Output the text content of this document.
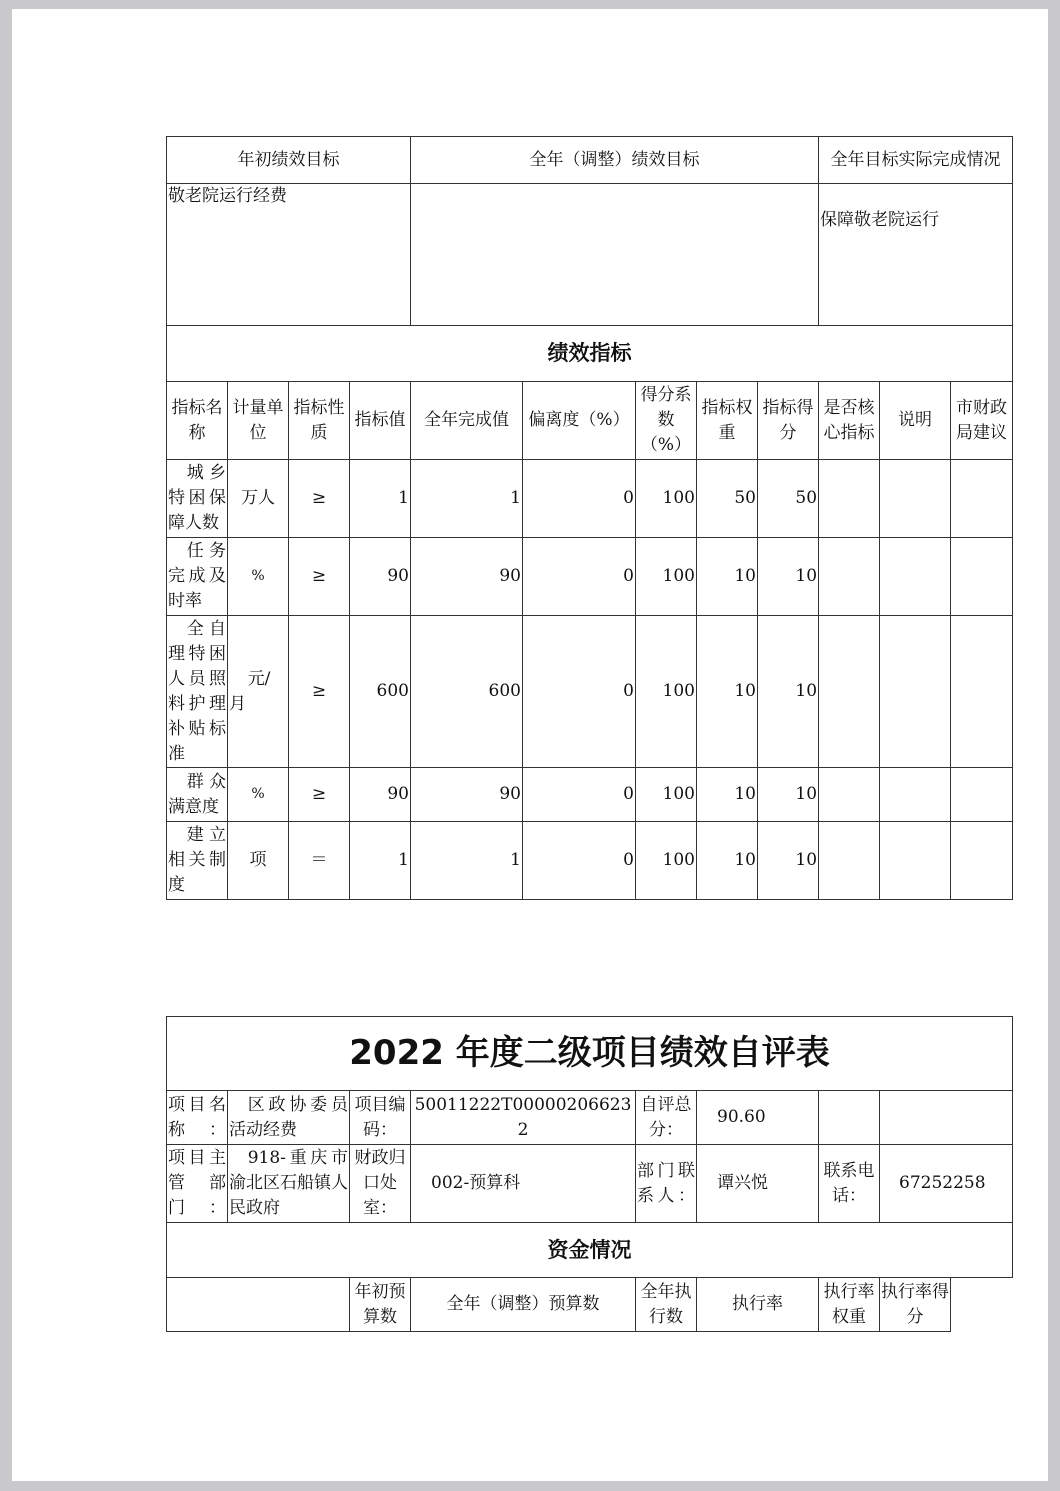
年初绩效目标				全年（调整）绩效目标					全年目标实际完成情况		
敬老院运行经费									保障敬老院运行		
绩效指标											
指标名称	计量单位	指标性质	指标值	全年完成值	偏离度（%）	得分系数（%）	指标权重	指标得分	是否核心指标	说明	市财政局建议
城乡特困保障人数	万人	≥	1	1	0	100	50	50			
任务完成及时率	%	≥	90	90	0	100	10	10			
全自理特困人员照料护理补贴标准	元/月	≥	600	600	0	100	10	10			
群众满意度	%	≥	90	90	0	100	10	10			
建立相关制度	项	＝	1	1	0	100	10	10			
2022 年度二级项目绩效自评表							
项目名称：	区政协委员活动经费	项目编码：	50011222T000002066232	自评总分：	90.60		
项目主管部门：	918-重庆市渝北区石船镇人民政府	财政归口处室：	002-预算科	部门联系人：	谭兴悦	联系电话：	67252258
资金情况							
		年初预算数	全年（调整）预算数	全年执行数	执行率	执行率权重	执行率得分
